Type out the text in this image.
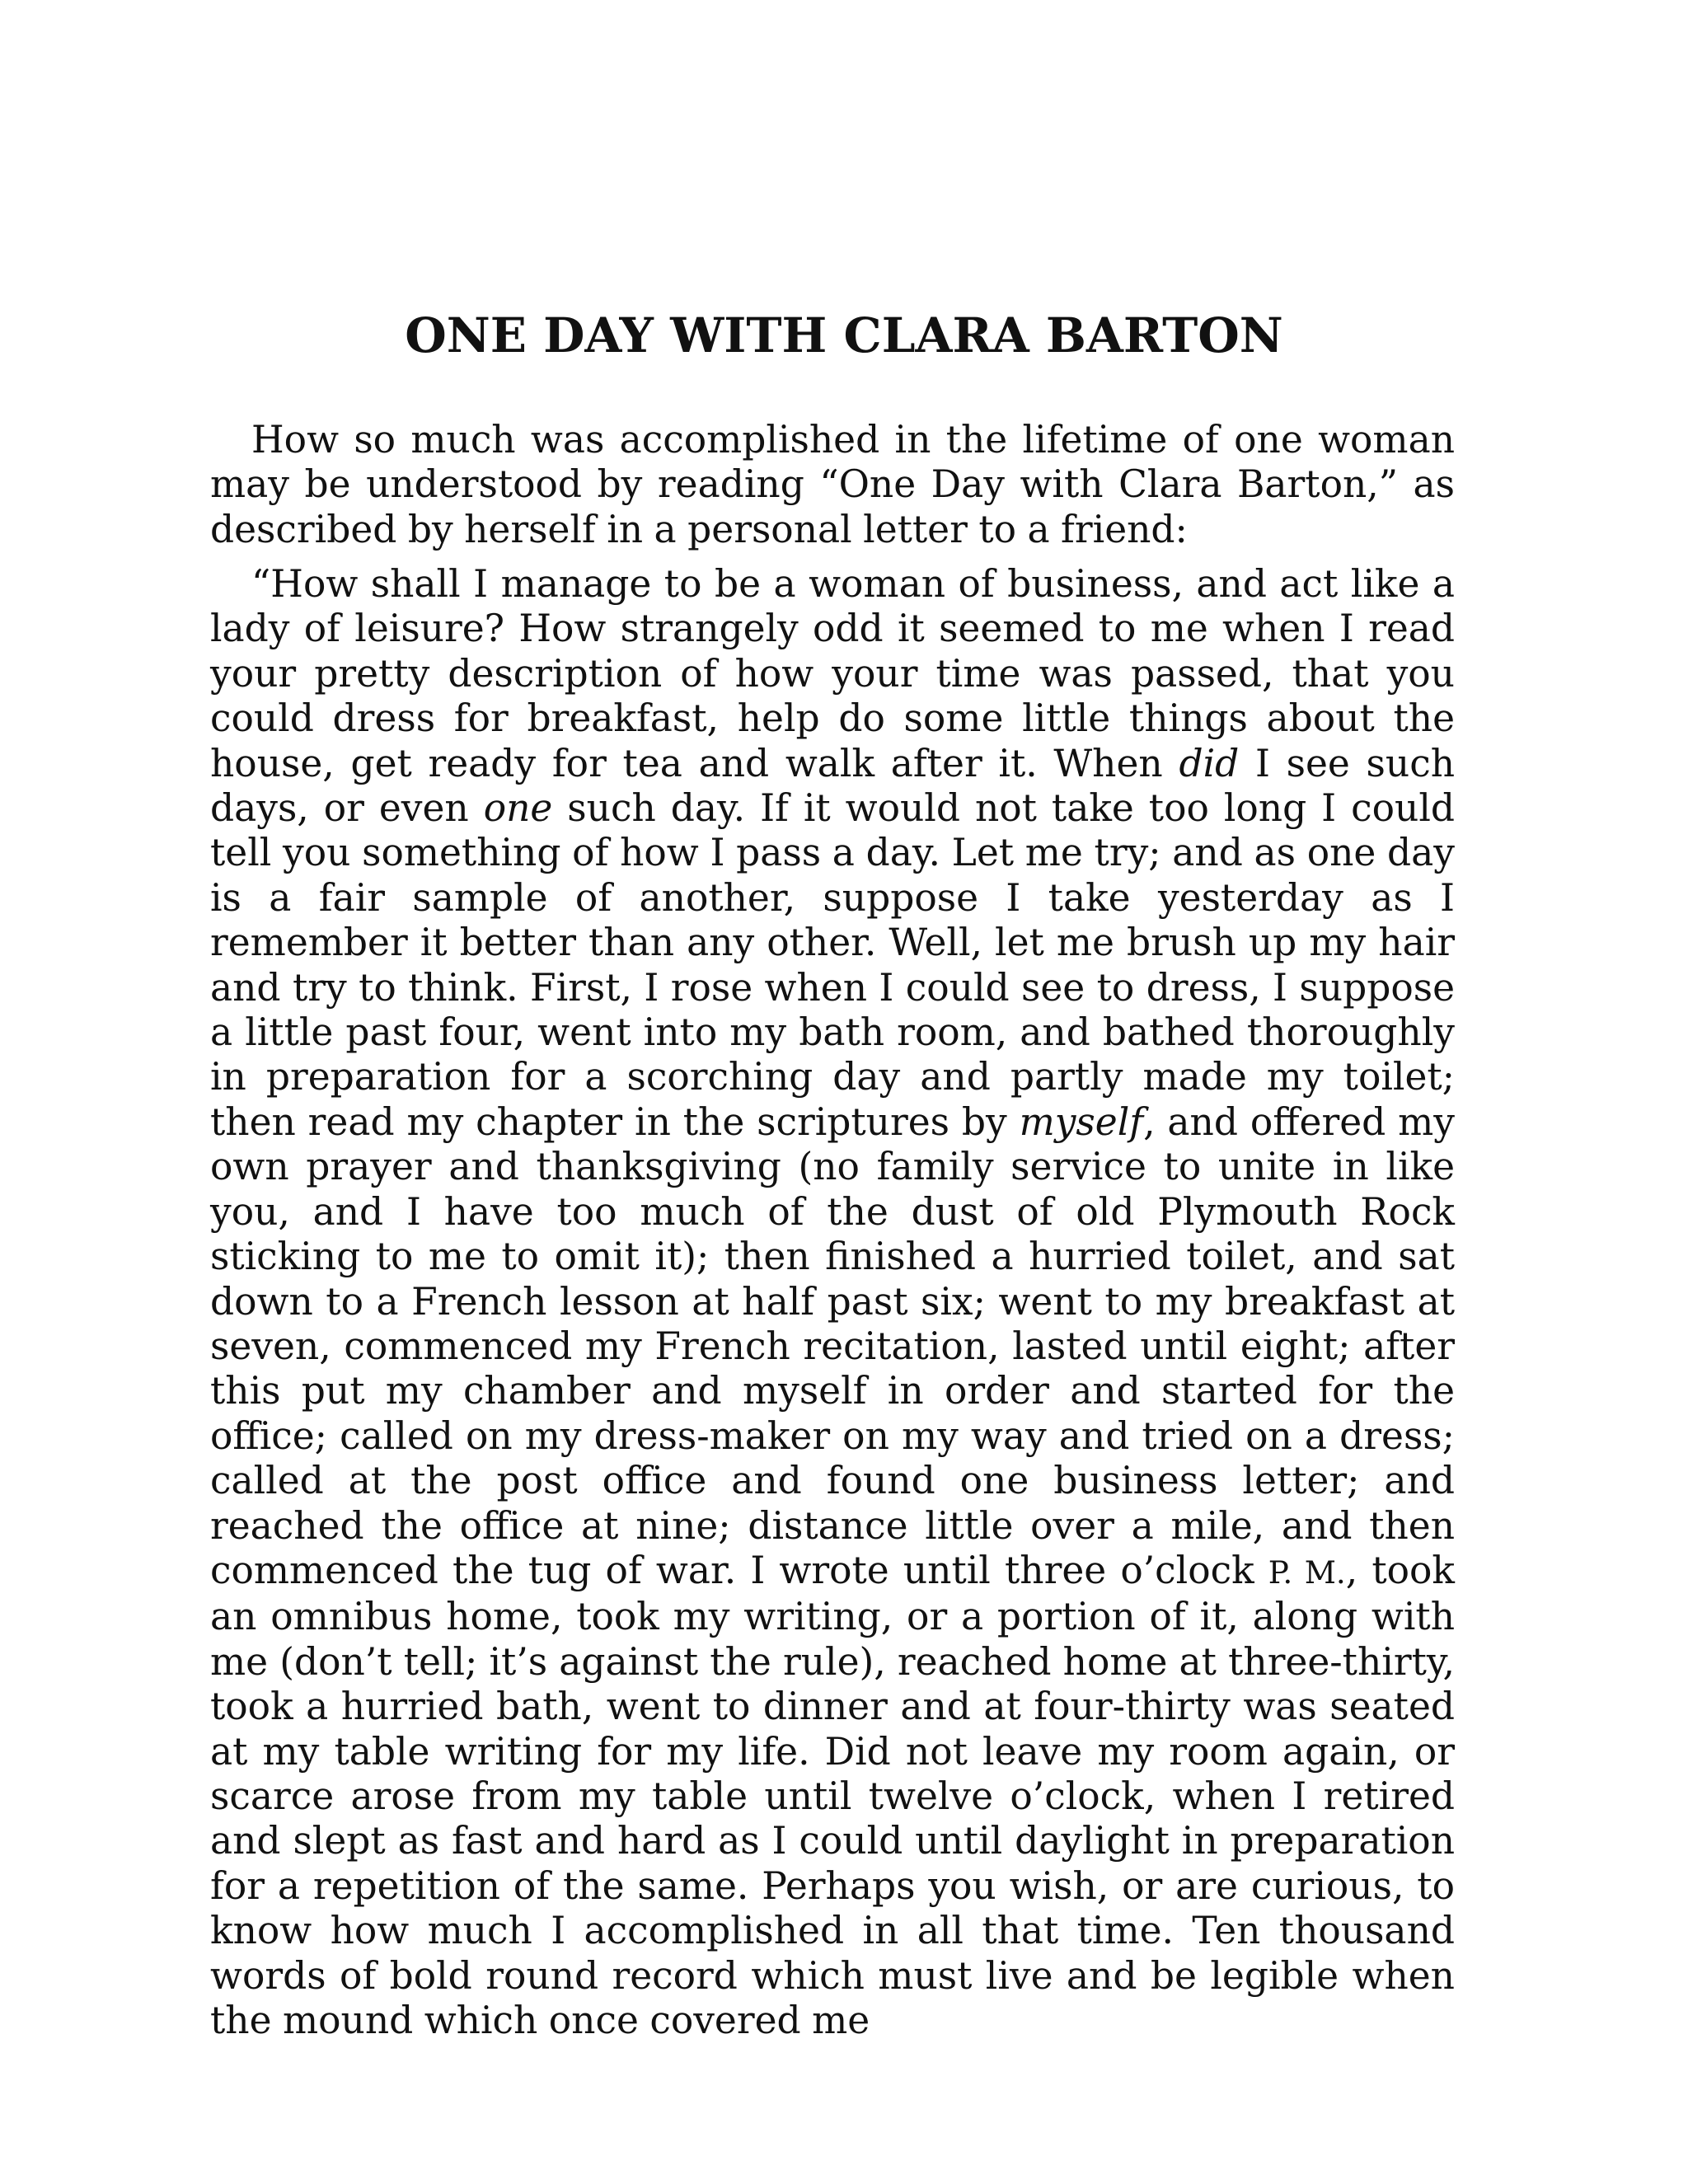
ONE DAY WITH CLARA BARTON

How so much was accomplished in the lifetime of one woman may be understood by reading “One Day with Clara Barton,” as described by herself in a personal letter to a friend:

“How shall I manage to be a woman of business, and act like a lady of leisure? How strangely odd it seemed to me when I read your pretty description of how your time was passed, that you could dress for breakfast, help do some little things about the house, get ready for tea and walk after it. When did I see such days, or even one such day. If it would not take too long I could tell you something of how I pass a day. Let me try; and as one day is a fair sample of another, suppose I take yesterday as I remember it better than any other. Well, let me brush up my hair and try to think. First, I rose when I could see to dress, I suppose a little past four, went into my bath room, and bathed thoroughly in preparation for a scorching day and partly made my toilet; then read my chapter in the scriptures by myself, and offered my own prayer and thanksgiving (no family service to unite in like you, and I have too much of the dust of old Plymouth Rock sticking to me to omit it); then finished a hurried toilet, and sat down to a French lesson at half past six; went to my breakfast at seven, commenced my French recitation, lasted until eight; after this put my chamber and myself in order and started for the office; called on my dress-maker on my way and tried on a dress; called at the post office and found one business letter; and reached the office at nine; distance little over a mile, and then commenced the tug of war. I wrote until three o’clock P. M., took an omnibus home, took my writing, or a portion of it, along with me (don’t tell; it’s against the rule), reached home at three-thirty, took a hurried bath, went to dinner and at four-thirty was seated at my table writing for my life. Did not leave my room again, or scarce arose from my table until twelve o’clock, when I retired and slept as fast and hard as I could until daylight in preparation for a repetition of the same. Perhaps you wish, or are curious, to know how much I accomplished in all that time. Ten thousand words of bold round record which must live and be legible when the mound which once covered me
